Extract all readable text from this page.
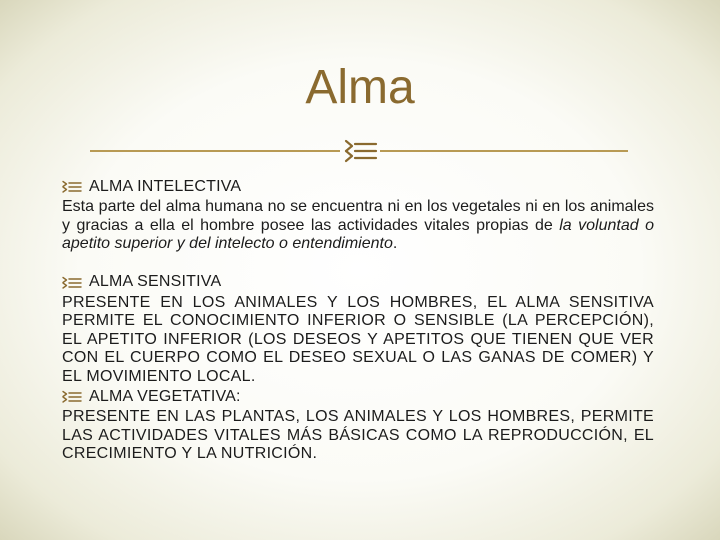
Alma
ALMA INTELECTIVA

Esta parte del alma humana no se encuentra ni en los vegetales ni en los animales y gracias a ella el hombre posee las actividades vitales propias de la voluntad o apetito superior y del intelecto o entendimiento.

ALMA SENSITIVA

PRESENTE EN LOS ANIMALES Y LOS HOMBRES, EL ALMA SENSITIVA PERMITE EL CONOCIMIENTO INFERIOR O SENSIBLE (LA PERCEPCIÓN), EL APETITO INFERIOR (LOS DESEOS Y APETITOS QUE TIENEN QUE VER CON EL CUERPO COMO EL DESEO SEXUAL O LAS GANAS DE COMER) Y EL MOVIMIENTO LOCAL.

ALMA VEGETATIVA:

PRESENTE EN LAS PLANTAS, LOS ANIMALES Y LOS HOMBRES, PERMITE LAS ACTIVIDADES VITALES MÁS BÁSICAS COMO LA REPRODUCCIÓN, EL CRECIMIENTO Y LA NUTRICIÓN.
